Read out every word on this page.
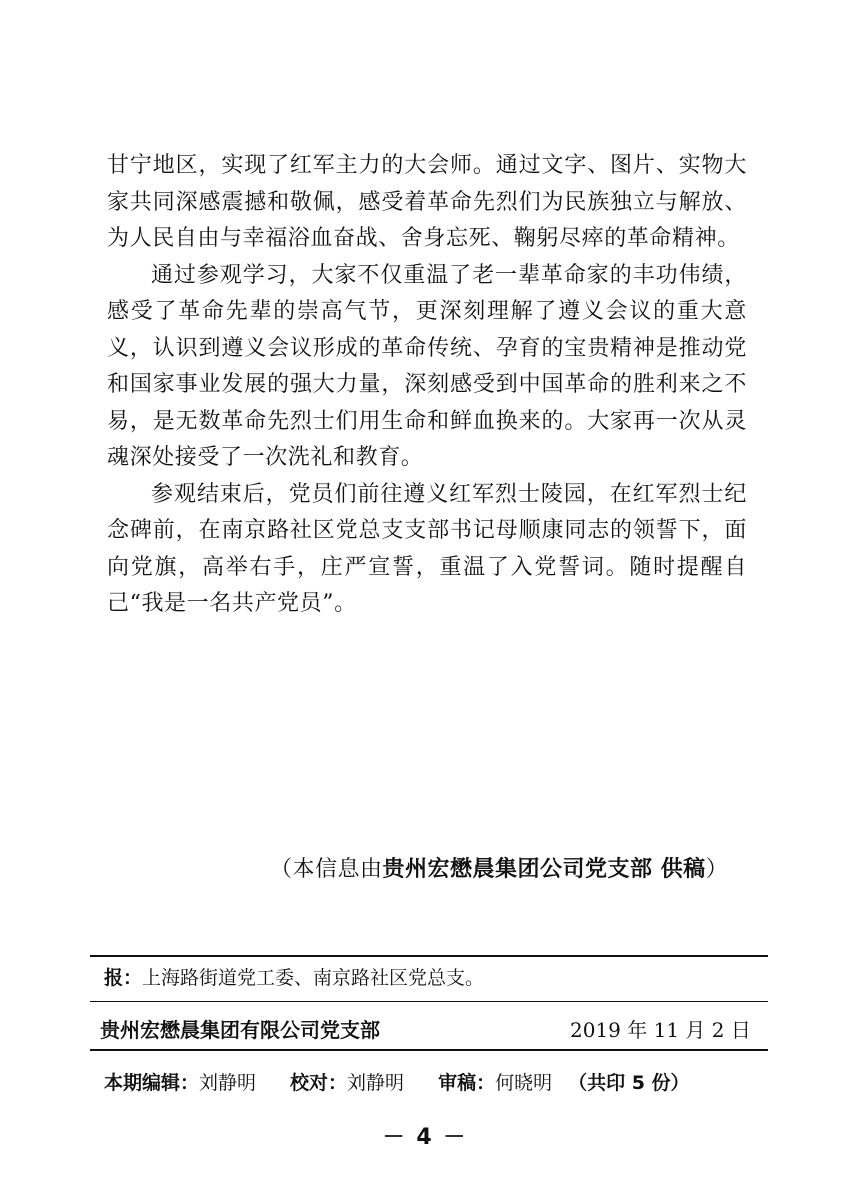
甘宁地区，实现了红军主力的大会师。通过文字、图片、实物大家共同深感震撼和敬佩，感受着革命先烈们为民族独立与解放、为人民自由与幸福浴血奋战、舍身忘死、鞠躬尽瘁的革命精神。

通过参观学习，大家不仅重温了老一辈革命家的丰功伟绩，感受了革命先辈的崇高气节，更深刻理解了遵义会议的重大意义，认识到遵义会议形成的革命传统、孕育的宝贵精神是推动党和国家事业发展的强大力量，深刻感受到中国革命的胜利来之不易，是无数革命先烈士们用生命和鲜血换来的。大家再一次从灵魂深处接受了一次洗礼和教育。

参观结束后，党员们前往遵义红军烈士陵园，在红军烈士纪念碑前，在南京路社区党总支支部书记母顺康同志的领誓下，面向党旗，高举右手，庄严宣誓，重温了入党誓词。随时提醒自己“我是一名共产党员”。

（本信息由贵州宏懋晨集团公司党支部 供稿）
报：上海路街道党工委、南京路社区党总支。
贵州宏懋晨集团有限公司党支部	2019 年 11 月 2 日
本期编辑：刘静明 校对：刘静明 审稿：何晓明 （共印 5 份）
－ 4 －
